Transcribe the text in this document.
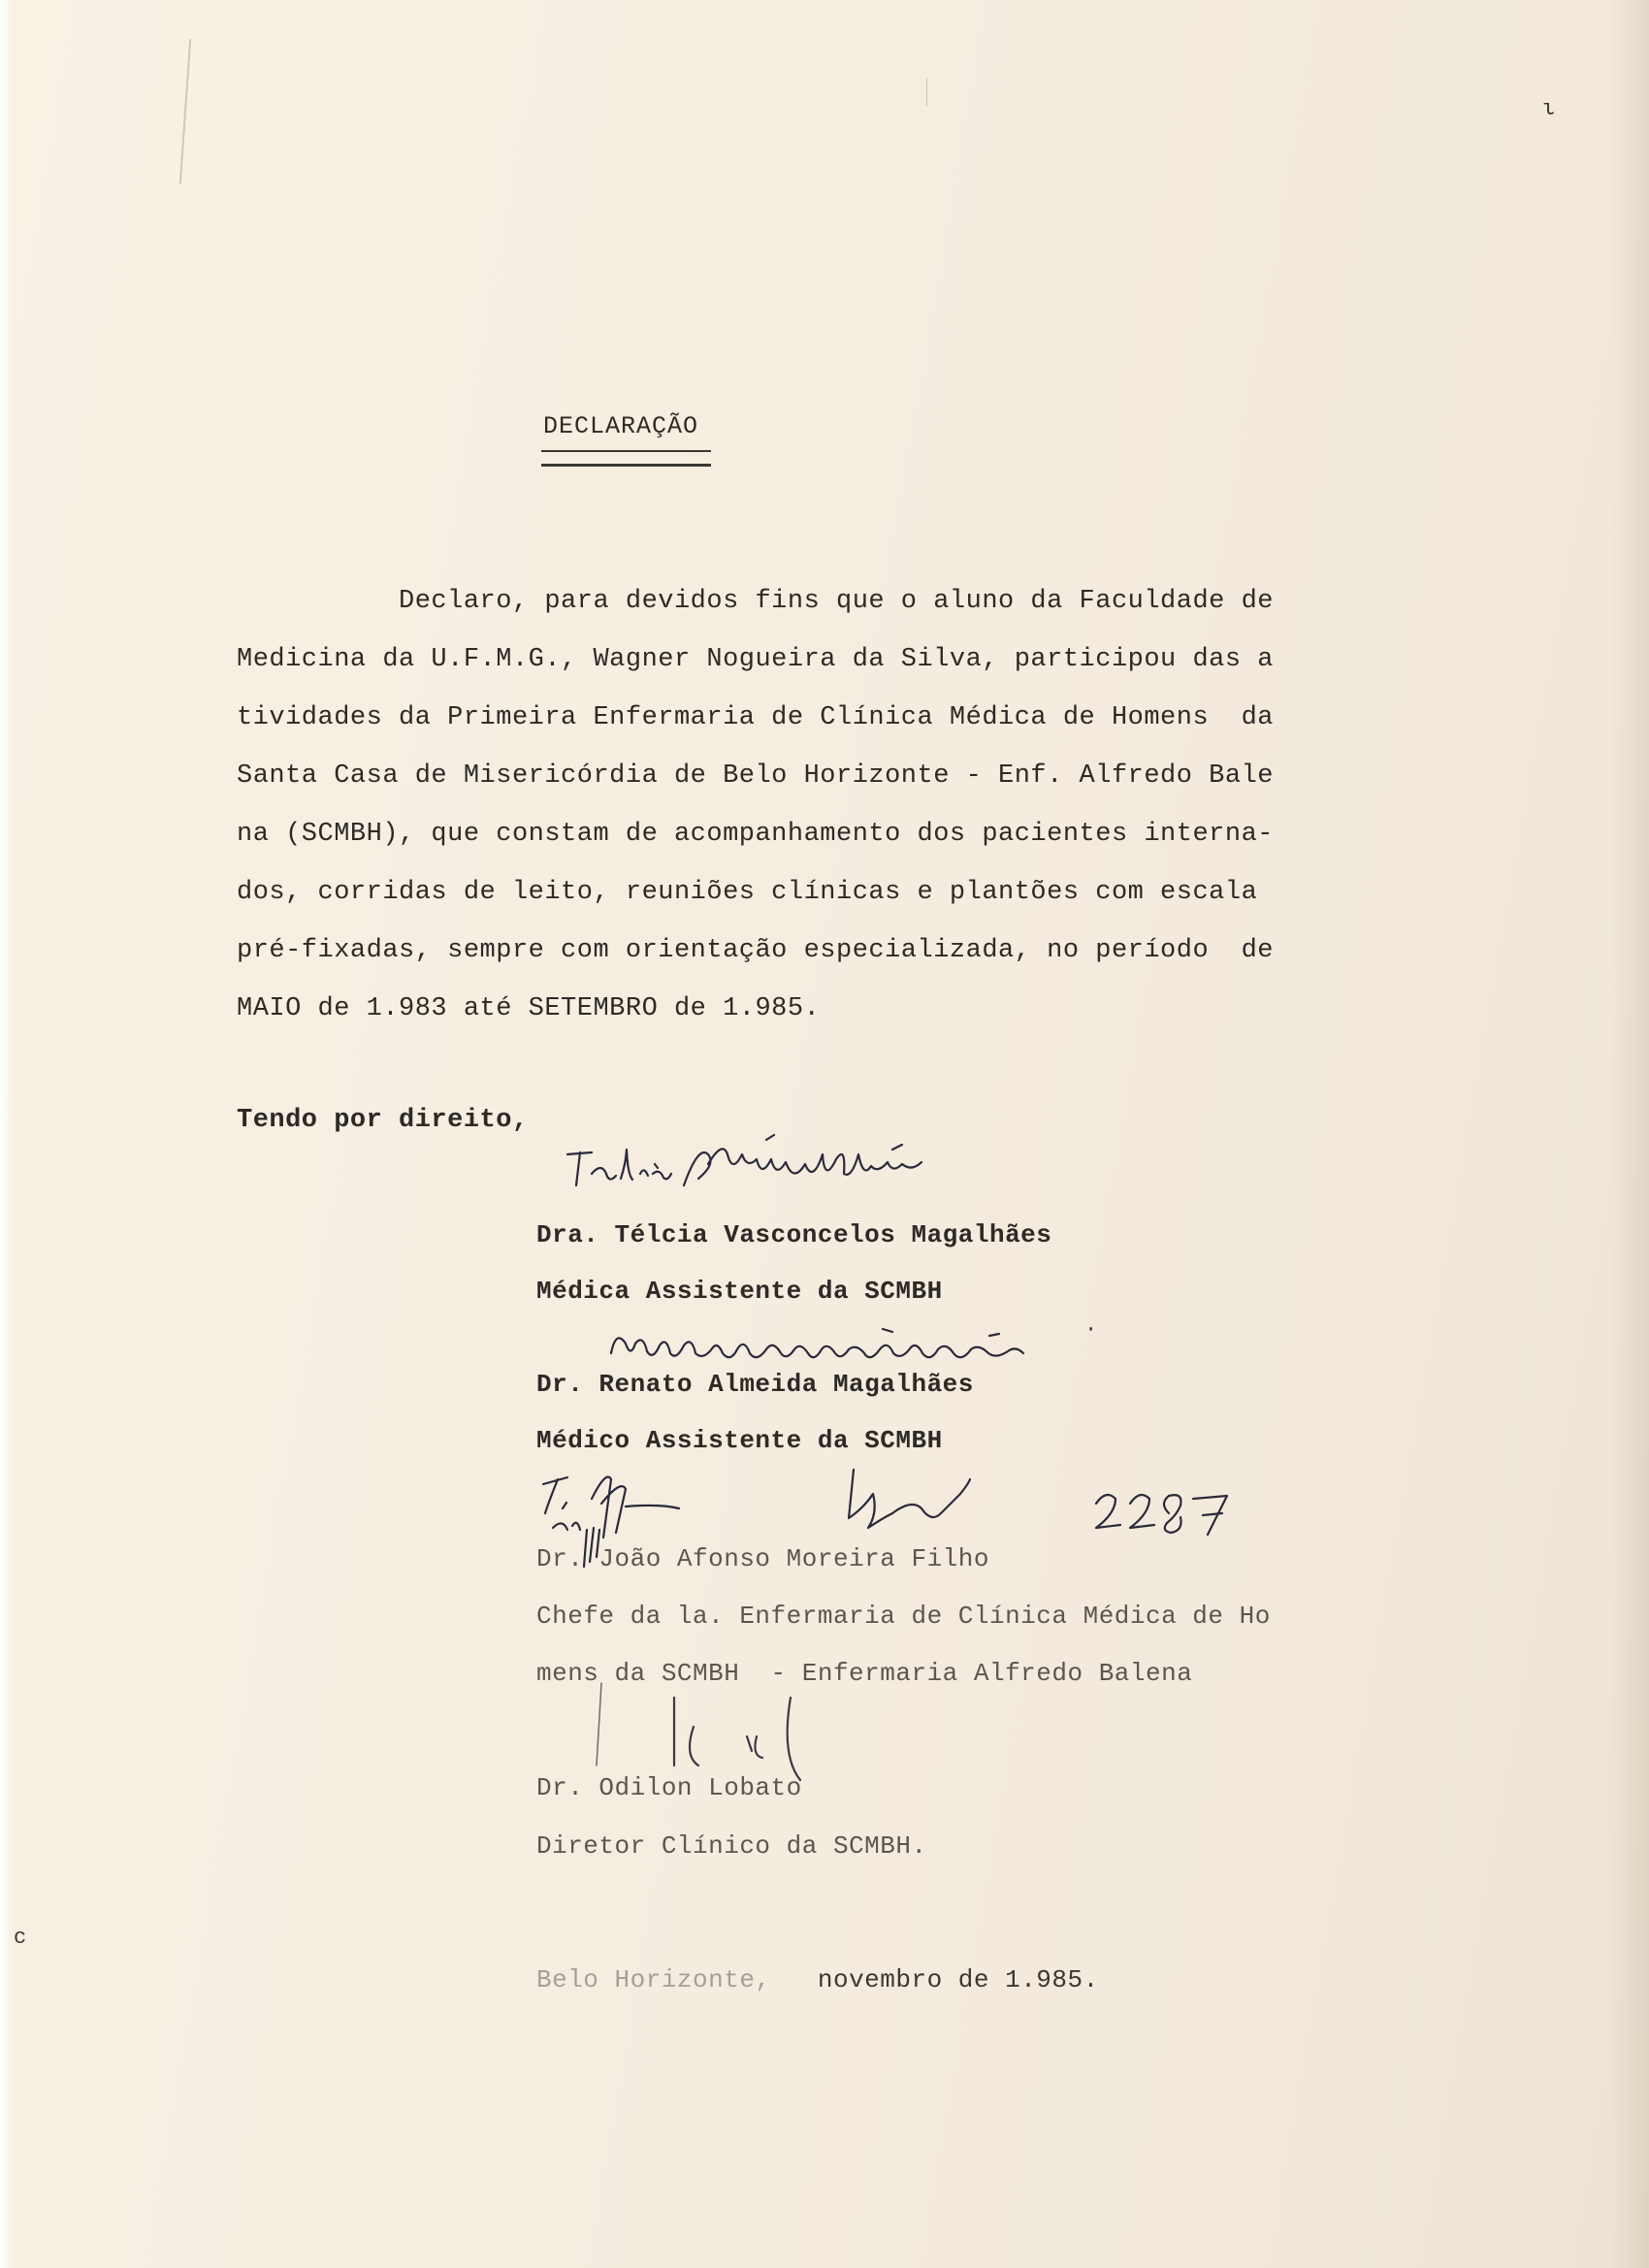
ι
c
DECLARAÇÃO
Declaro, para devidos fins que o aluno da Faculdade de
Medicina da U.F.M.G., Wagner Nogueira da Silva, participou das a
tividades da Primeira Enfermaria de Clínica Médica de Homens  da
Santa Casa de Misericórdia de Belo Horizonte - Enf. Alfredo Bale
na (SCMBH), que constam de acompanhamento dos pacientes interna-
dos, corridas de leito, reuniões clínicas e plantões com escala
pré-fixadas, sempre com orientação especializada, no período  de
MAIO de 1.983 até SETEMBRO de 1.985.
Tendo por direito,
Dra. Télcia Vasconcelos Magalhães
Médica Assistente da SCMBH
·
Dr. Renato Almeida Magalhães
Médico Assistente da SCMBH
Dr. João Afonso Moreira Filho
Chefe da la. Enfermaria de Clínica Médica de Ho
mens da SCMBH  - Enfermaria Alfredo Balena
Dr. Odilon Lobato
Diretor Clínico da SCMBH.
Belo Horizonte, novembro de 1.985.
